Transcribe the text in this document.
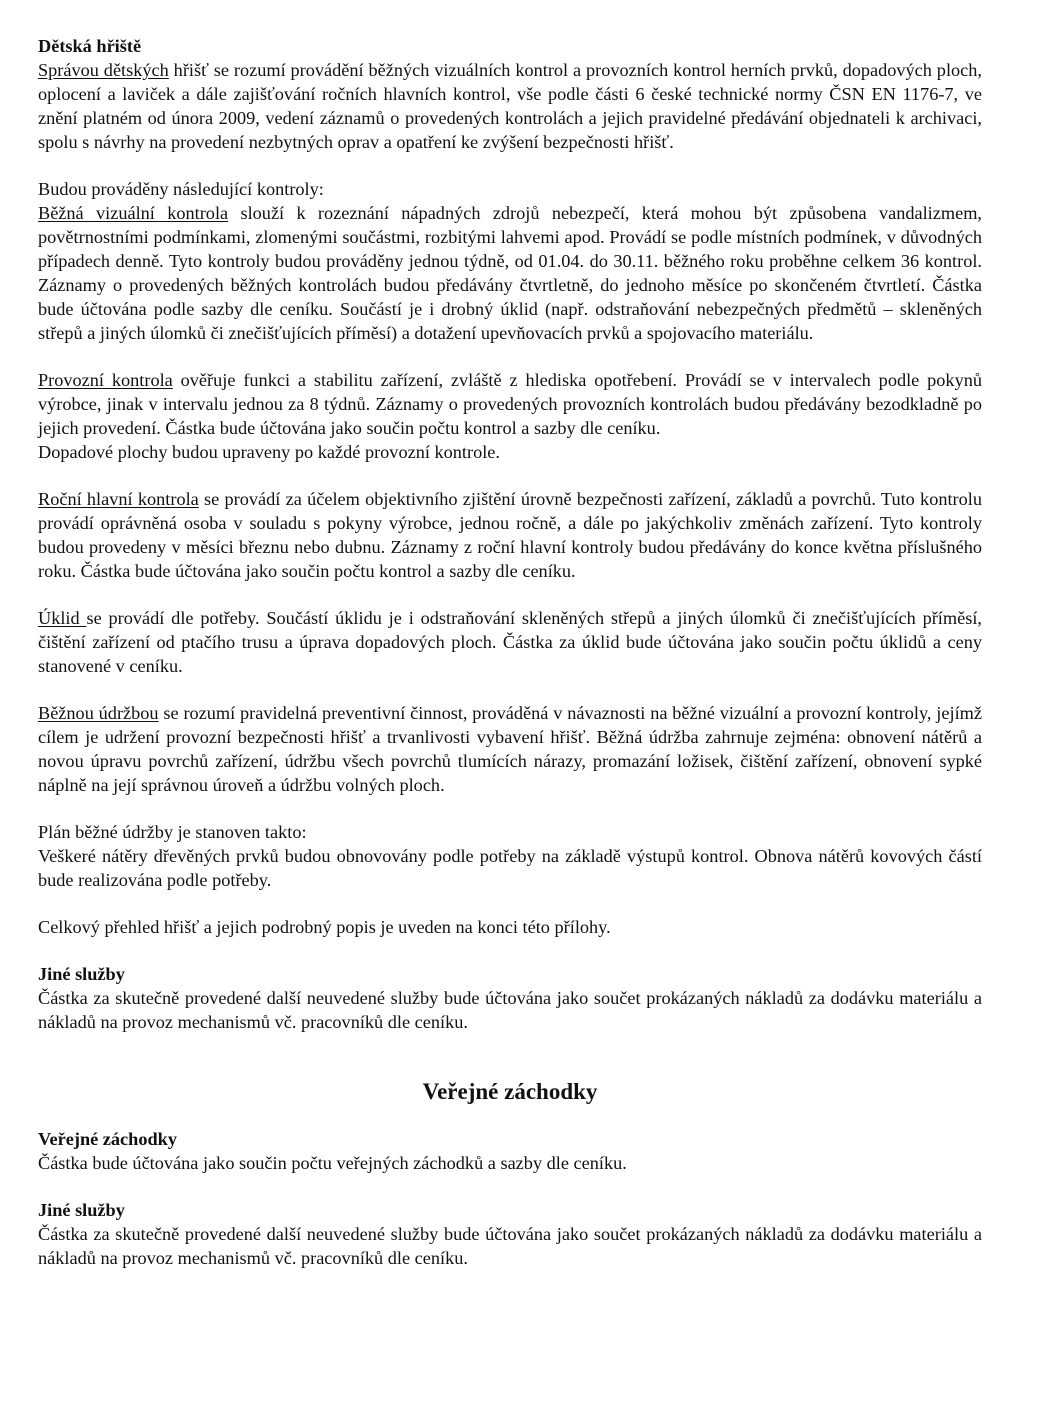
Dětská hřiště

Správou dětských hřišť se rozumí provádění běžných vizuálních kontrol a provozních kontrol herních prvků, dopadových ploch, oplocení a laviček a dále zajišťování ročních hlavních kontrol, vše podle části 6 české technické normy ČSN EN 1176-7, ve znění platném od února 2009, vedení záznamů o provedených kontrolách a jejich pravidelné předávání objednateli k archivaci, spolu s návrhy na provedení nezbytných oprav a opatření ke zvýšení bezpečnosti hřišť.

Budou prováděny následující kontroly:

Běžná vizuální kontrola slouží k rozeznání nápadných zdrojů nebezpečí, která mohou být způsobena vandalizmem, povětrnostními podmínkami, zlomenými součástmi, rozbitými lahvemi apod. Provádí se podle místních podmínek, v důvodných případech denně. Tyto kontroly budou prováděny jednou týdně, od 01.04. do 30.11. běžného roku proběhne celkem 36 kontrol. Záznamy o provedených běžných kontrolách budou předávány čtvrtletně, do jednoho měsíce po skončeném čtvrtletí. Částka bude účtována podle sazby dle ceníku. Součástí je i drobný úklid (např. odstraňování nebezpečných předmětů – skleněných střepů a jiných úlomků či znečišťujících příměsí) a dotažení upevňovacích prvků a spojovacího materiálu.

Provozní kontrola ověřuje funkci a stabilitu zařízení, zvláště z hlediska opotřebení. Provádí se v intervalech podle pokynů výrobce, jinak v intervalu jednou za 8 týdnů. Záznamy o provedených provozních kontrolách budou předávány bezodkladně po jejich provedení. Částka bude účtována jako součin počtu kontrol a sazby dle ceníku.

Dopadové plochy budou upraveny po každé provozní kontrole.

Roční hlavní kontrola se provádí za účelem objektivního zjištění úrovně bezpečnosti zařízení, základů a povrchů. Tuto kontrolu provádí oprávněná osoba v souladu s pokyny výrobce, jednou ročně, a dále po jakýchkoliv změnách zařízení. Tyto kontroly budou provedeny v měsíci březnu nebo dubnu. Záznamy z roční hlavní kontroly budou předávány do konce května příslušného roku. Částka bude účtována jako součin počtu kontrol a sazby dle ceníku.

Úklid se provádí dle potřeby. Součástí úklidu je i odstraňování skleněných střepů a jiných úlomků či znečišťujících příměsí, čištění zařízení od ptačího trusu a úprava dopadových ploch. Částka za úklid bude účtována jako součin počtu úklidů a ceny stanovené v ceníku.

Běžnou údržbou se rozumí pravidelná preventivní činnost, prováděná v návaznosti na běžné vizuální a provozní kontroly, jejímž cílem je udržení provozní bezpečnosti hřišť a trvanlivosti vybavení hřišť. Běžná údržba zahrnuje zejména: obnovení nátěrů a novou úpravu povrchů zařízení, údržbu všech povrchů tlumících nárazy, promazání ložisek, čištění zařízení, obnovení sypké náplně na její správnou úroveň a údržbu volných ploch.

Plán běžné údržby je stanoven takto:

Veškeré nátěry dřevěných prvků budou obnovovány podle potřeby na základě výstupů kontrol. Obnova nátěrů kovových částí bude realizována podle potřeby.

Celkový přehled hřišť a jejich podrobný popis je uveden na konci této přílohy.

Jiné služby

Částka za skutečně provedené další neuvedené služby bude účtována jako součet prokázaných nákladů za dodávku materiálu a nákladů na provoz mechanismů vč. pracovníků dle ceníku.

Veřejné záchodky

Veřejné záchodky

Částka bude účtována jako součin počtu veřejných záchodků a sazby dle ceníku.

Jiné služby

Částka za skutečně provedené další neuvedené služby bude účtována jako součet prokázaných nákladů za dodávku materiálu a nákladů na provoz mechanismů vč. pracovníků dle ceníku.
